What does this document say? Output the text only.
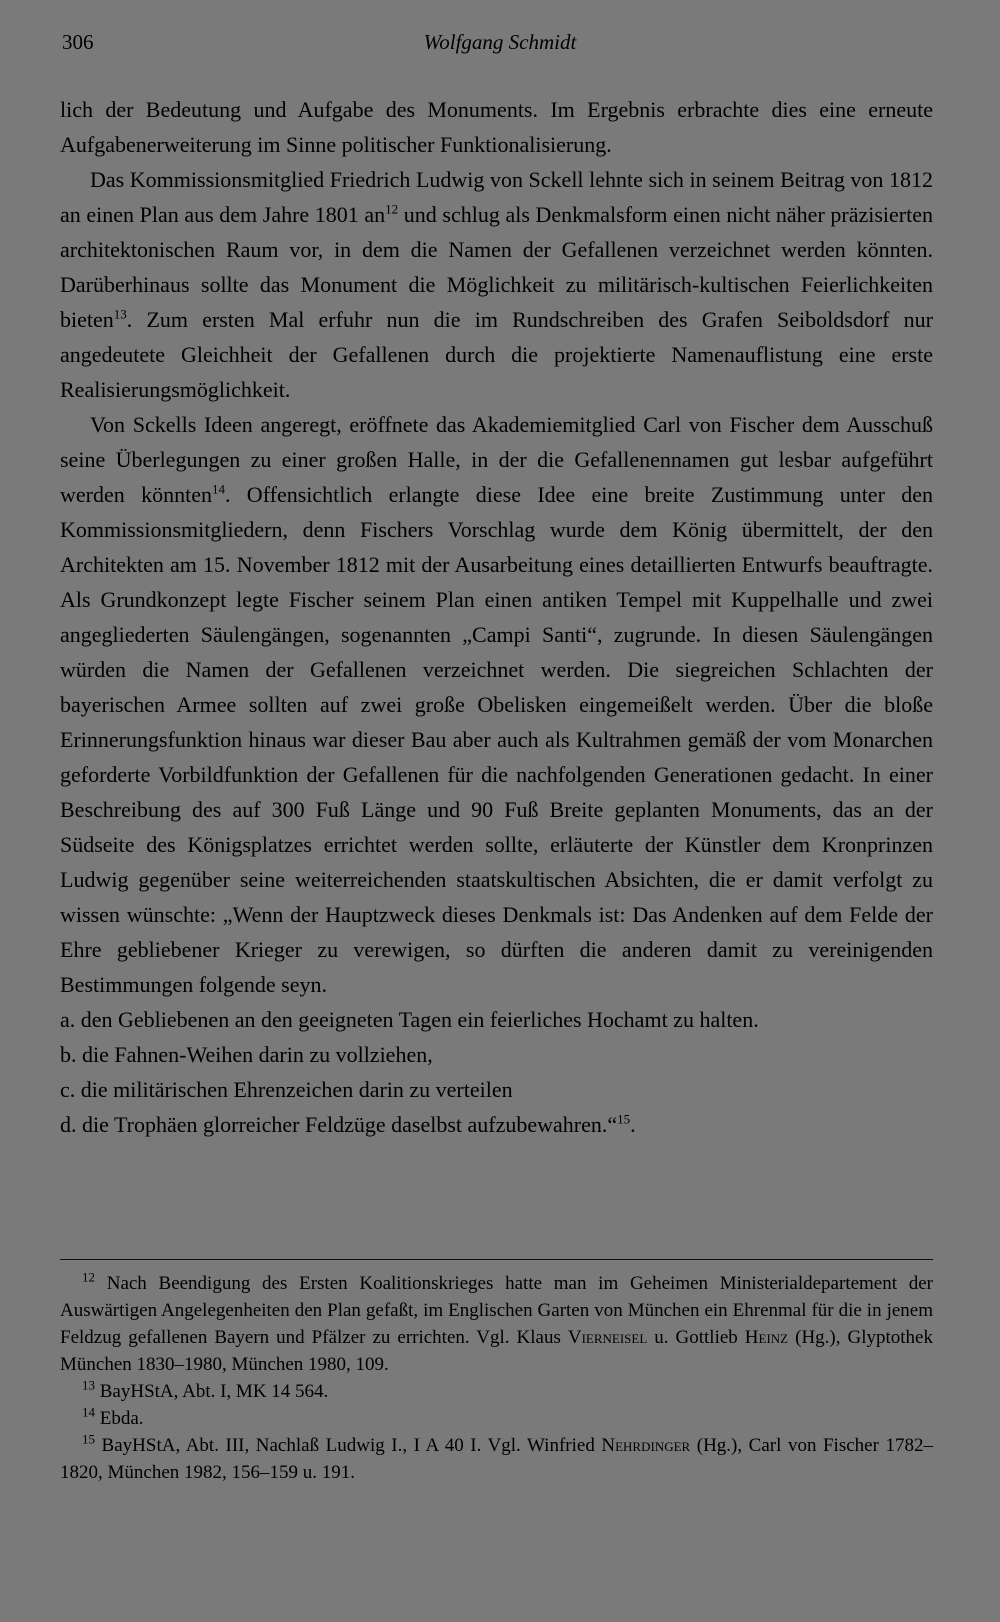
306	Wolfgang Schmidt

lich der Bedeutung und Aufgabe des Monuments. Im Ergebnis erbrachte dies eine erneute Aufgabenerweiterung im Sinne politischer Funktionalisierung.

Das Kommissionsmitglied Friedrich Ludwig von Sckell lehnte sich in seinem Beitrag von 1812 an einen Plan aus dem Jahre 1801 $an^{12}$ und schlug als Denkmalsform einen nicht näher präzisierten architektonischen Raum vor, in dem die Namen der Gefallenen verzeichnet werden könnten. Darüberhinaus sollte das Monument die Möglichkeit zu militärisch-kultischen Feierlichkeiten bieten$^{13}$. Zum ersten Mal erfuhr nun die im Rundschreiben des Grafen Seiboldsdorf nur angedeutete Gleichheit der Gefallenen durch die projektierte Namenauflistung eine erste Realisierungsmöglichkeit.

Von Sckells Ideen angeregt, eröffnete das Akademiemitglied Carl von Fischer dem Ausschuß seine Überlegungen zu einer großen Halle, in der die Gefallenennamen gut lesbar aufgeführt werden könnten$^{14}$. Offensichtlich erlangte diese Idee eine breite Zustimmung unter den Kommissionsmitgliedern, denn Fischers Vorschlag wurde dem König übermittelt, der den Architekten am 15. November 1812 mit der Ausarbeitung eines detaillierten Entwurfs beauftragte. Als Grundkonzept legte Fischer seinem Plan einen antiken Tempel mit Kuppelhalle und zwei angegliederten Säulengängen, sogenannten „Campi Santi“, zugrunde. In diesen Säulengängen würden die Namen der Gefallenen verzeichnet werden. Die siegreichen Schlachten der bayerischen Armee sollten auf zwei große Obelisken eingemeißelt werden. Über die bloße Erinnerungsfunktion hinaus war dieser Bau aber auch als Kultrahmen gemäß der vom Monarchen geforderte Vorbildfunktion der Gefallenen für die nachfolgenden Generationen gedacht. In einer Beschreibung des auf 300 Fuß Länge und 90 Fuß Breite geplanten Monuments, das an der Südseite des Königsplatzes errichtet werden sollte, erläuterte der Künstler dem Kronprinzen Ludwig gegenüber seine weiterreichenden staatskultischen Absichten, die er damit verfolgt zu wissen wünschte: „Wenn der Hauptzweck dieses Denkmals ist: Das Andenken auf dem Felde der Ehre gebliebener Krieger zu verewigen, so dürften die anderen damit zu vereinigenden Bestimmungen folgende seyn.

a. den Gebliebenen an den geeigneten Tagen ein feierliches Hochamt zu halten.
b. die Fahnen-Weihen darin zu vollziehen,
c. die militärischen Ehrenzeichen darin zu verteilen
d. die Trophäen glorreicher Feldzüge daselbst aufzubewahren.“$^{15}$.

$^{12}$ Nach Beendigung des Ersten Koalitionskrieges hatte man im Geheimen Ministerialdepartement der Auswärtigen Angelegenheiten den Plan gefaßt, im Englischen Garten von München ein Ehrenmal für die in jenem Feldzug gefallenen Bayern und Pfälzer zu errichten. Vgl. Klaus Vierneisel u. Gottlieb Heinz (Hg.), Glyptothek München 1830–1980, München 1980, 109.

$^{13}$ BayHStA, Abt. I, MK 14 564.

$^{14}$ Ebda.

$^{15}$ BayHStA, Abt. III, Nachlaß Ludwig I., I A 40 I. Vgl. Winfried Nehrdinger (Hg.), Carl von Fischer 1782–1820, München 1982, 156–159 u. 191.
